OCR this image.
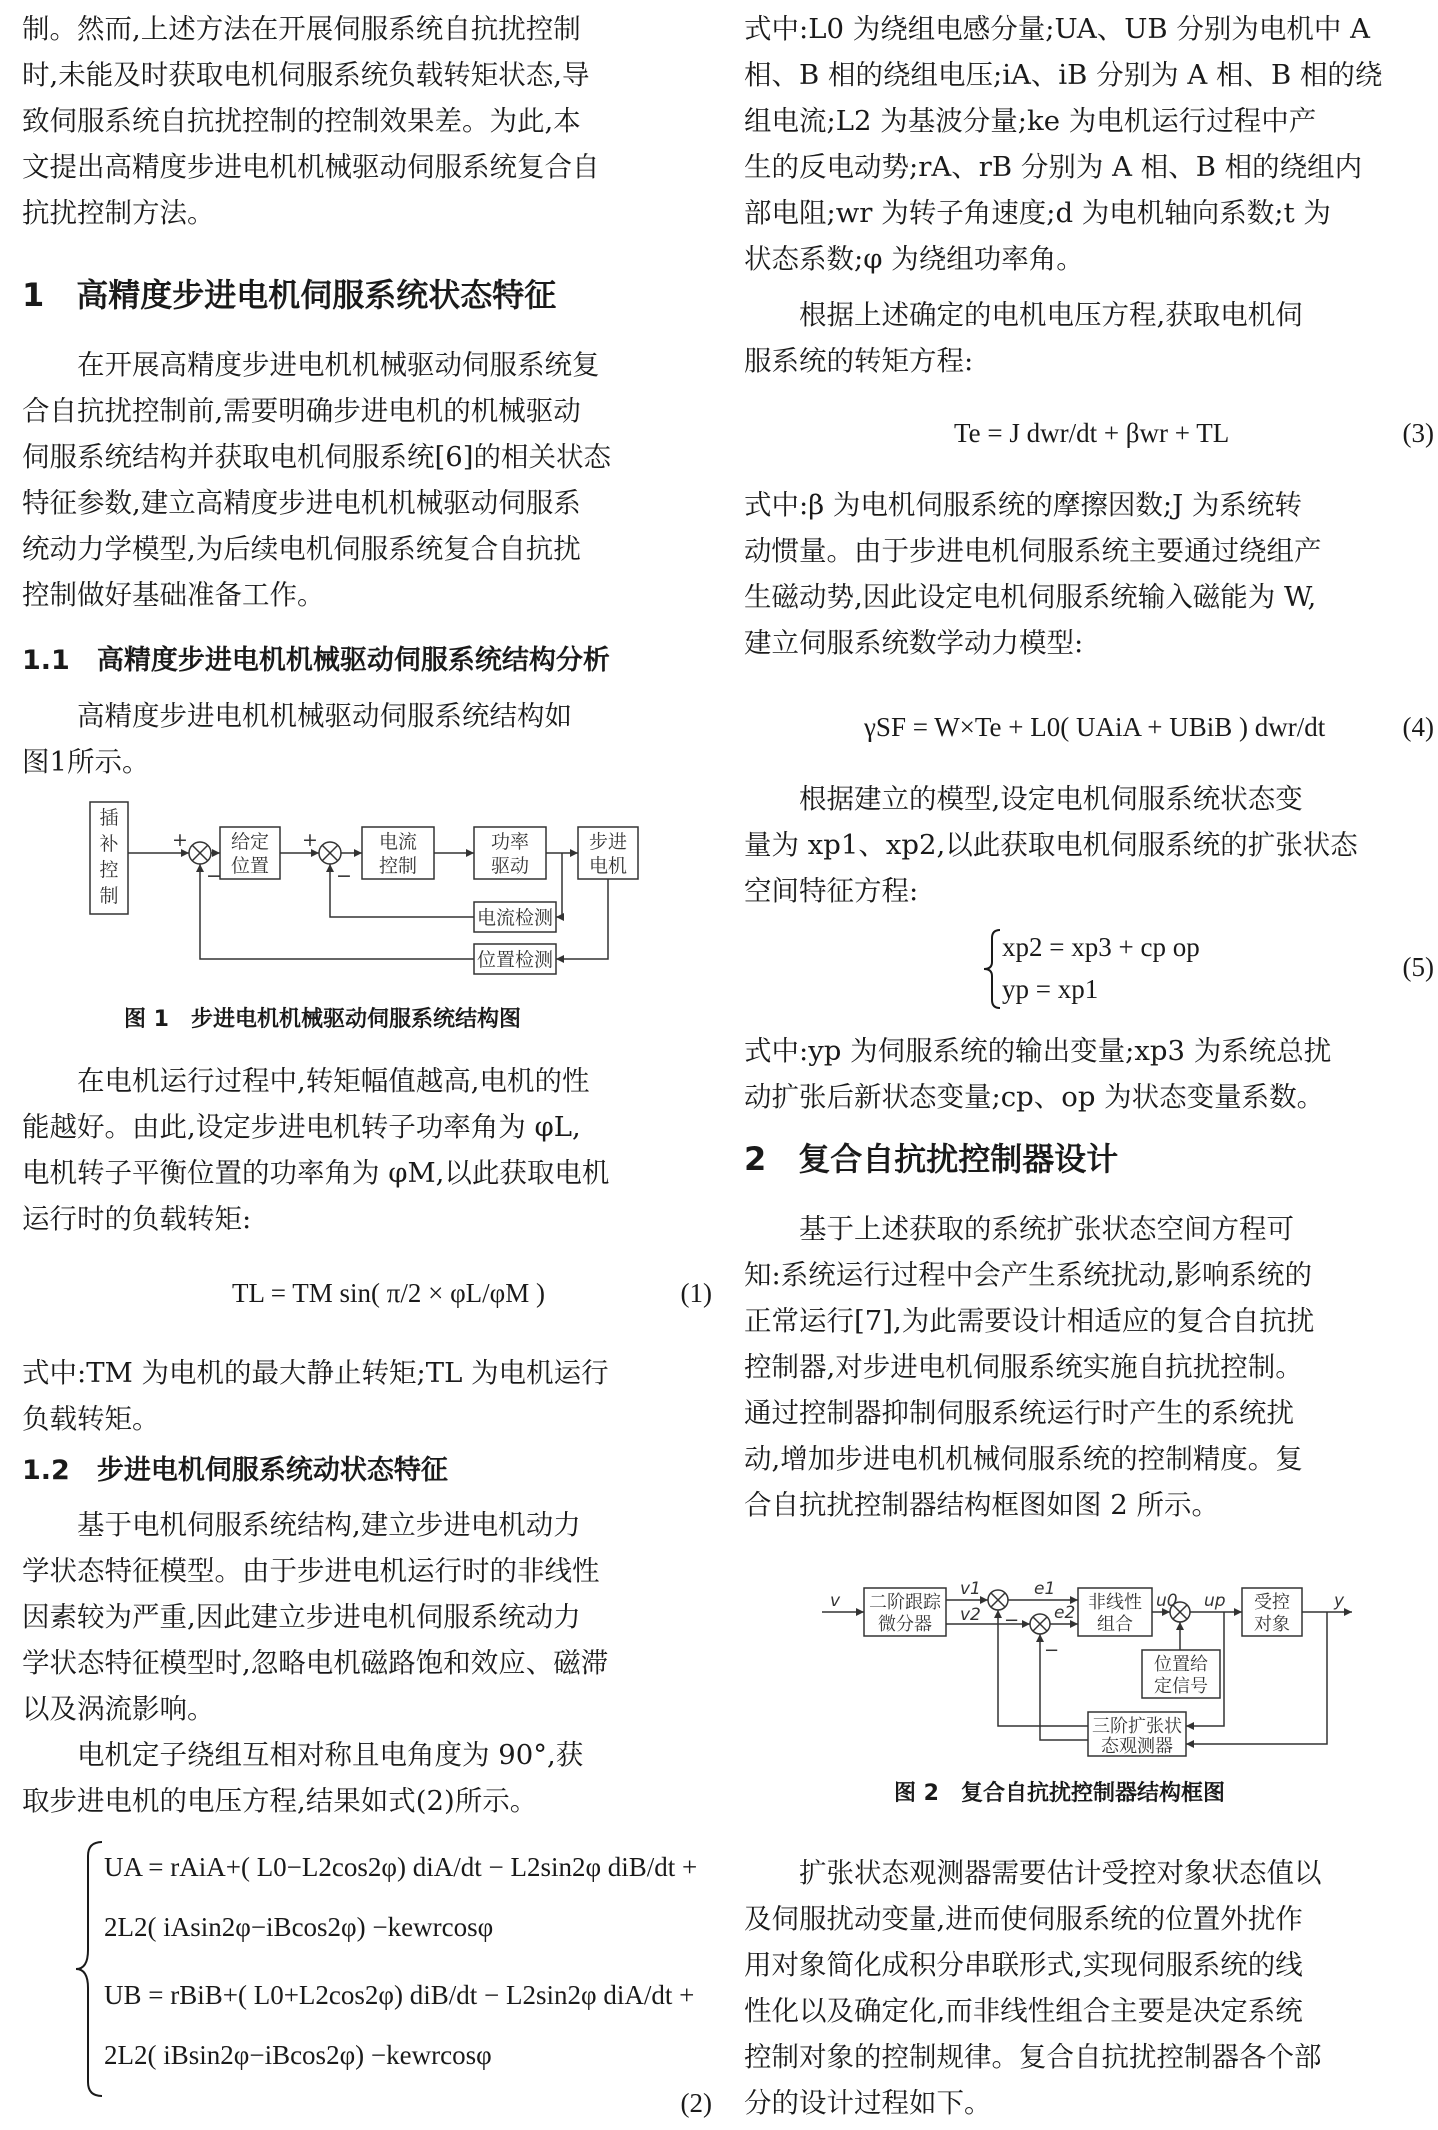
制。然而,上述方法在开展伺服系统自抗扰控制
时,未能及时获取电机伺服系统负载转矩状态,导
致伺服系统自抗扰控制的控制效果差。为此,本
文提出高精度步进电机机械驱动伺服系统复合自
抗扰控制方法。
1　高精度步进电机伺服系统状态特征
　　在开展高精度步进电机机械驱动伺服系统复
合自抗扰控制前,需要明确步进电机的机械驱动
伺服系统结构并获取电机伺服系统[6]的相关状态
特征参数,建立高精度步进电机机械驱动伺服系
统动力学模型,为后续电机伺服系统复合自抗扰
控制做好基础准备工作。
1.1　高精度步进电机机械驱动伺服系统结构分析
　　高精度步进电机机械驱动伺服系统结构如
图1所示。
插
补
控
制
给定
位置
电流
控制
功率
驱动
步进
电机
电流检测
位置检测
+	+
−	−
图 1　步进电机机械驱动伺服系统结构图
　　在电机运行过程中,转矩幅值越高,电机的性
能越好。由此,设定步进电机转子功率角为 φL,
电机转子平衡位置的功率角为 φM,以此获取电机
运行时的负载转矩:
TL = TM sin( π/2 × φL/φM )	(1)
式中:TM 为电机的最大静止转矩;TL 为电机运行
负载转矩。
1.2　步进电机伺服系统动状态特征
　　基于电机伺服系统结构,建立步进电机动力
学状态特征模型。由于步进电机运行时的非线性
因素较为严重,因此建立步进电机伺服系统动力
学状态特征模型时,忽略电机磁路饱和效应、磁滞
以及涡流影响。
　　电机定子绕组互相对称且电角度为 90°,获
取步进电机的电压方程,结果如式(2)所示。
UA = rAiA+( L0−L2cos2φ) diA/dt − L2sin2φ diB/dt +
2L2( iAsin2φ−iBcos2φ) −kewrcosφ
UB = rBiB+( L0+L2cos2φ) diB/dt − L2sin2φ diA/dt +
2L2( iBsin2φ−iBcos2φ) −kewrcosφ
(2)
式中:L0 为绕组电感分量;UA、UB 分别为电机中 A
相、B 相的绕组电压;iA、iB 分别为 A 相、B 相的绕
组电流;L2 为基波分量;ke 为电机运行过程中产
生的反电动势;rA、rB 分别为 A 相、B 相的绕组内
部电阻;wr 为转子角速度;d 为电机轴向系数;t 为
状态系数;φ 为绕组功率角。
　　根据上述确定的电机电压方程,获取电机伺
服系统的转矩方程:
Te = J dwr/dt + βwr + TL	(3)
式中:β 为电机伺服系统的摩擦因数;J 为系统转
动惯量。由于步进电机伺服系统主要通过绕组产
生磁动势,因此设定电机伺服系统输入磁能为 W,
建立伺服系统数学动力模型:
γSF = W×Te + L0( UAiA + UBiB ) dwr/dt	(4)
　　根据建立的模型,设定电机伺服系统状态变
量为 xp1、xp2,以此获取电机伺服系统的扩张状态
空间特征方程:
xp2 = xp3 + cp op
yp = xp1
(5)
式中:yp 为伺服系统的输出变量;xp3 为系统总扰
动扩张后新状态变量;cp、op 为状态变量系数。
2　复合自抗扰控制器设计
　　基于上述获取的系统扩张状态空间方程可
知:系统运行过程中会产生系统扰动,影响系统的
正常运行[7],为此需要设计相适应的复合自抗扰
控制器,对步进电机伺服系统实施自抗扰控制。
通过控制器抑制伺服系统运行时产生的系统扰
动,增加步进电机机械伺服系统的控制精度。复
合自抗扰控制器结构框图如图 2 所示。
二阶跟踪
微分器
非线性
组合
位置给
定信号
受控
对象
三阶扩张状
态观测器
v	y
v1
v2
e1
e2
u0 up
−
−
图 2　复合自抗扰控制器结构框图
　　扩张状态观测器需要估计受控对象状态值以
及伺服扰动变量,进而使伺服系统的位置外扰作
用对象简化成积分串联形式,实现伺服系统的线
性化以及确定化,而非线性组合主要是决定系统
控制对象的控制规律。复合自抗扰控制器各个部
分的设计过程如下。
